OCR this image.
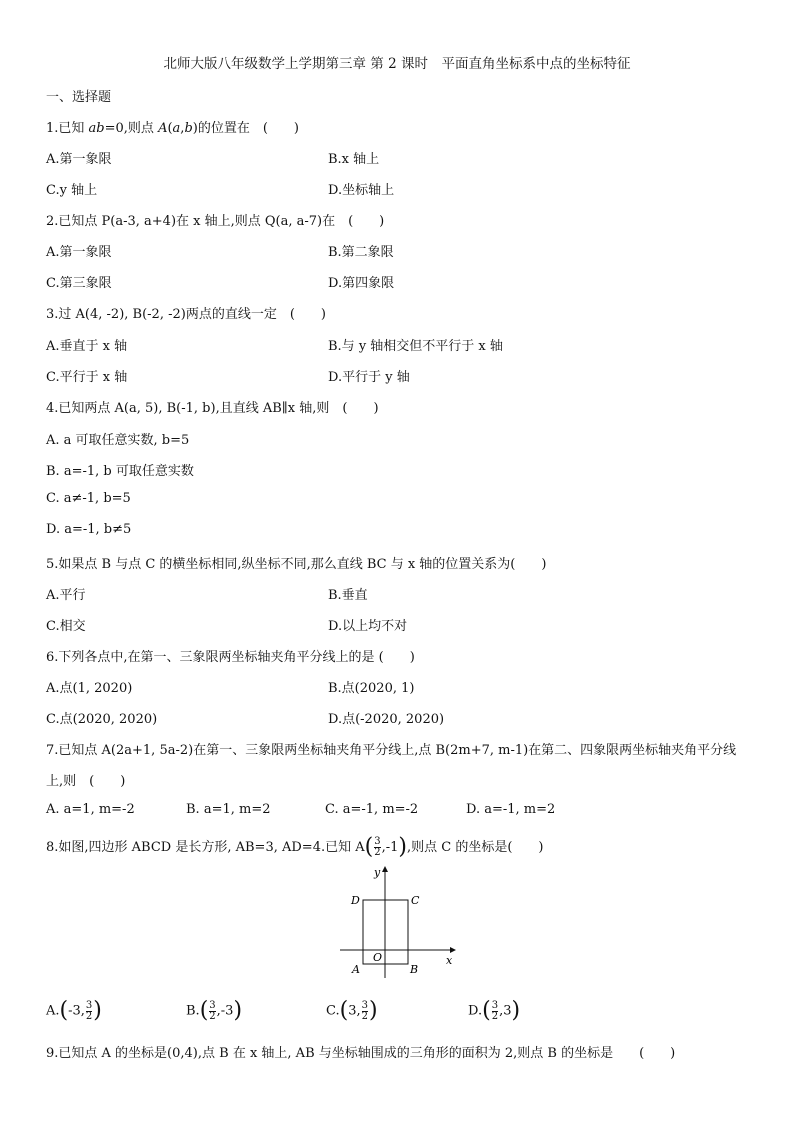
北师大版八年级数学上学期第三章 第 2 课时　平面直角坐标系中点的坐标特征
一、选择题
1.已知 ab=0,则点 A(a,b)的位置在　(　　)
A.第一象限	B.x 轴上
C.y 轴上	D.坐标轴上
2.已知点 P(a-3, a+4)在 x 轴上,则点 Q(a, a-7)在　(　　)
A.第一象限	B.第二象限
C.第三象限	D.第四象限
3.过 A(4, -2), B(-2, -2)两点的直线一定　(　　)
A.垂直于 x 轴	B.与 y 轴相交但不平行于 x 轴
C.平行于 x 轴	D.平行于 y 轴
4.已知两点 A(a, 5), B(-1, b),且直线 AB∥x 轴,则　(　　)
A. a 可取任意实数, b=5
B. a=-1, b 可取任意实数
C. a≠-1, b=5
D. a=-1, b≠5
5.如果点 B 与点 C 的横坐标相同,纵坐标不同,那么直线 BC 与 x 轴的位置关系为(　　)
A.平行	B.垂直
C.相交	D.以上均不对
6.下列各点中,在第一、三象限两坐标轴夹角平分线上的是 (　　)
A.点(1, 2020)	B.点(2020, 1)
C.点(2020, 2020)	D.点(-2020, 2020)
7.已知点 A(2a+1, 5a-2)在第一、三象限两坐标轴夹角平分线上,点 B(2m+7, m-1)在第二、四象限两坐标轴夹角平分线
上,则　(　　)
A. a=1, m=-2	B. a=1, m=2	C. a=-1, m=-2	D. a=-1, m=2
8.如图,四边形 ABCD 是长方形, AB=3, AD=4.已知 $A( \frac{3}{2} ,-1)$,则点 C 的坐标是(　　)
x
y
O
A	B
C
D
A.(-3, $\frac{3}{2}$ )	$B.( \frac{3}{2} ,-3)$	C.(3, $\frac{3}{2}$ )	$D.( \frac{3}{2} ,3)$
9.已知点 A 的坐标是(0,4),点 B 在 x 轴上, AB 与坐标轴围成的三角形的面积为 2,则点 B 的坐标是　　(　　)
